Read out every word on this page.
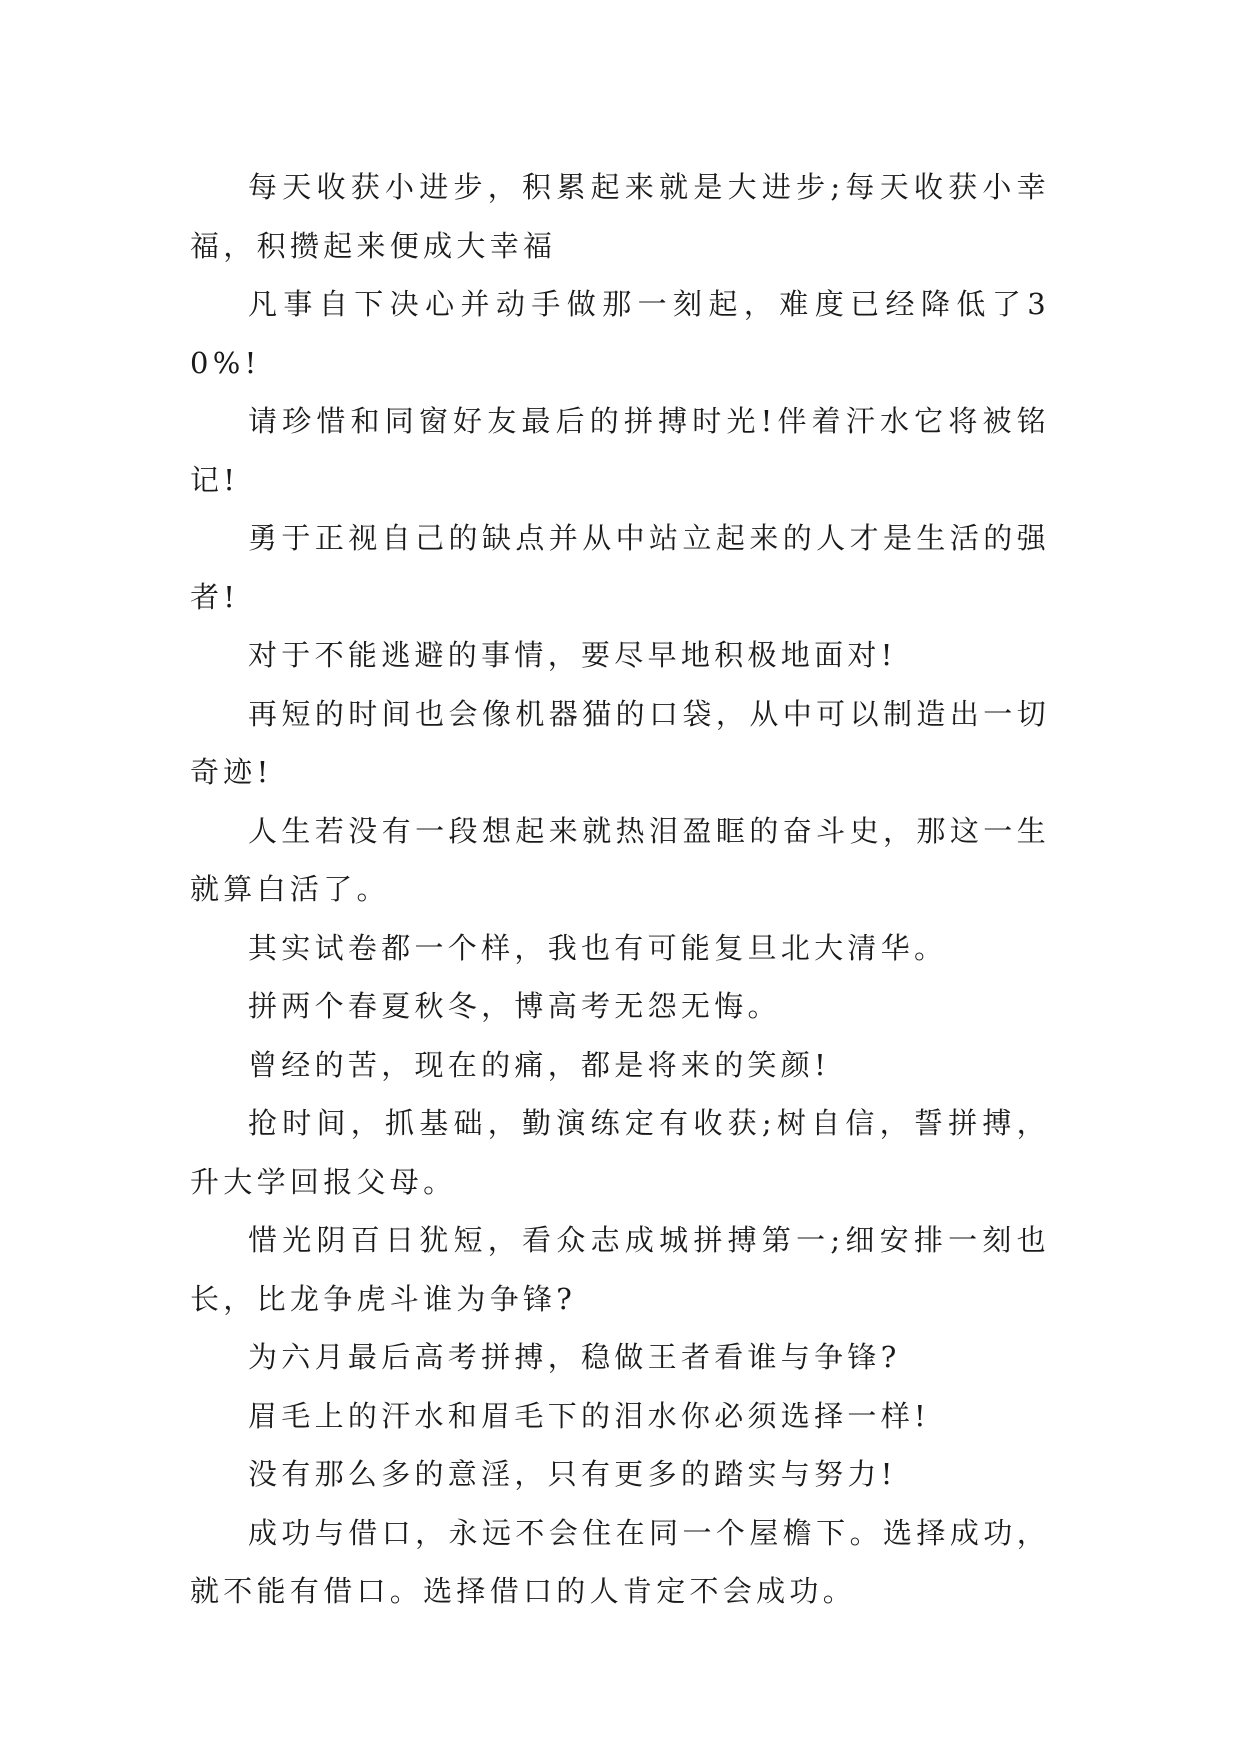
每天收获小进步，积累起来就是大进步;每天收获小幸福，积攒起来便成大幸福

凡事自下决心并动手做那一刻起，难度已经降低了30%!

请珍惜和同窗好友最后的拼搏时光!伴着汗水它将被铭记!

勇于正视自己的缺点并从中站立起来的人才是生活的强者!

对于不能逃避的事情，要尽早地积极地面对!

再短的时间也会像机器猫的口袋，从中可以制造出一切奇迹!

人生若没有一段想起来就热泪盈眶的奋斗史，那这一生就算白活了。

其实试卷都一个样，我也有可能复旦北大清华。

拼两个春夏秋冬，博高考无怨无悔。

曾经的苦，现在的痛，都是将来的笑颜!

抢时间，抓基础，勤演练定有收获;树自信，誓拼搏，升大学回报父母。

惜光阴百日犹短，看众志成城拼搏第一;细安排一刻也长，比龙争虎斗谁为争锋?

为六月最后高考拼搏，稳做王者看谁与争锋?

眉毛上的汗水和眉毛下的泪水你必须选择一样!

没有那么多的意淫，只有更多的踏实与努力!

成功与借口，永远不会住在同一个屋檐下。选择成功，就不能有借口。选择借口的人肯定不会成功。
